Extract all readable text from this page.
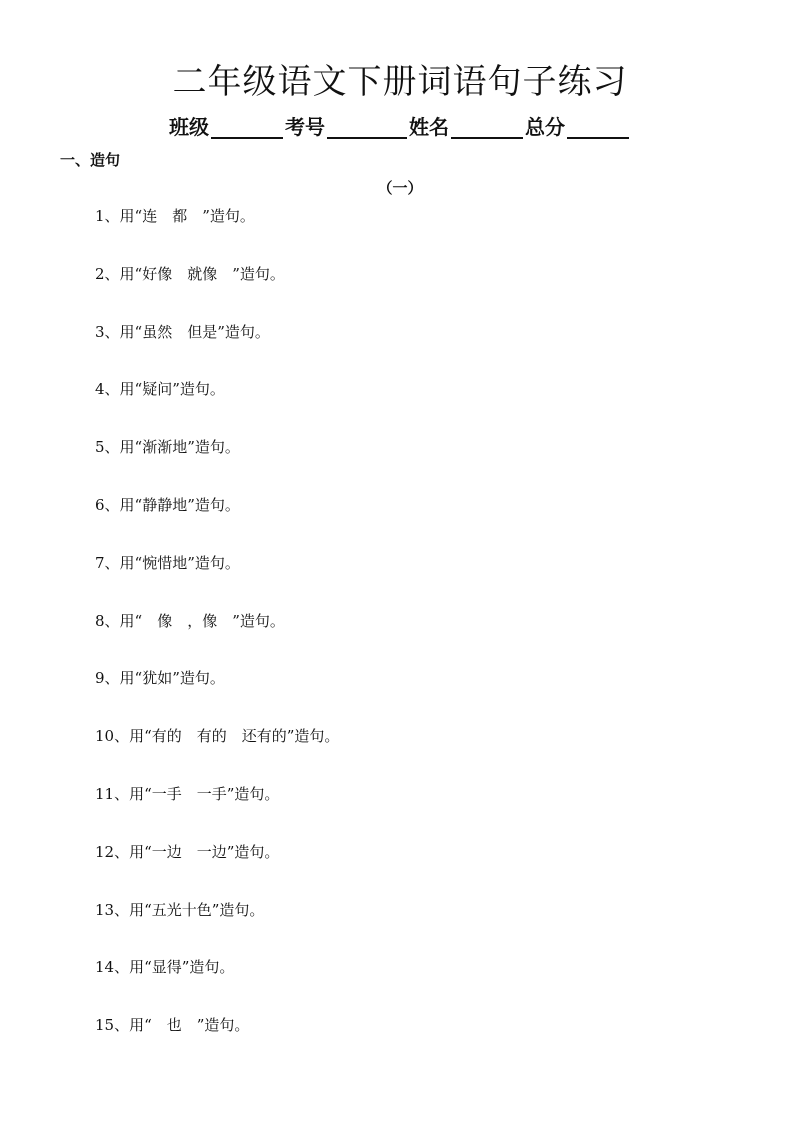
二年级语文下册词语句子练习
班级	考号	姓名	总分
一、造句
（一）
1、用“连　都　”造句。
2、用“好像　就像　”造句。
3、用“虽然　但是”造句。
4、用“疑问”造句。
5、用“渐渐地”造句。
6、用“静静地”造句。
7、用“惋惜地”造句。
8、用“　像　，像　”造句。
9、用“犹如”造句。
10、用“有的　有的　还有的”造句。
11、用“一手　一手”造句。
12、用“一边　一边”造句。
13、用“五光十色”造句。
14、用“显得”造句。
15、用“　也　”造句。
